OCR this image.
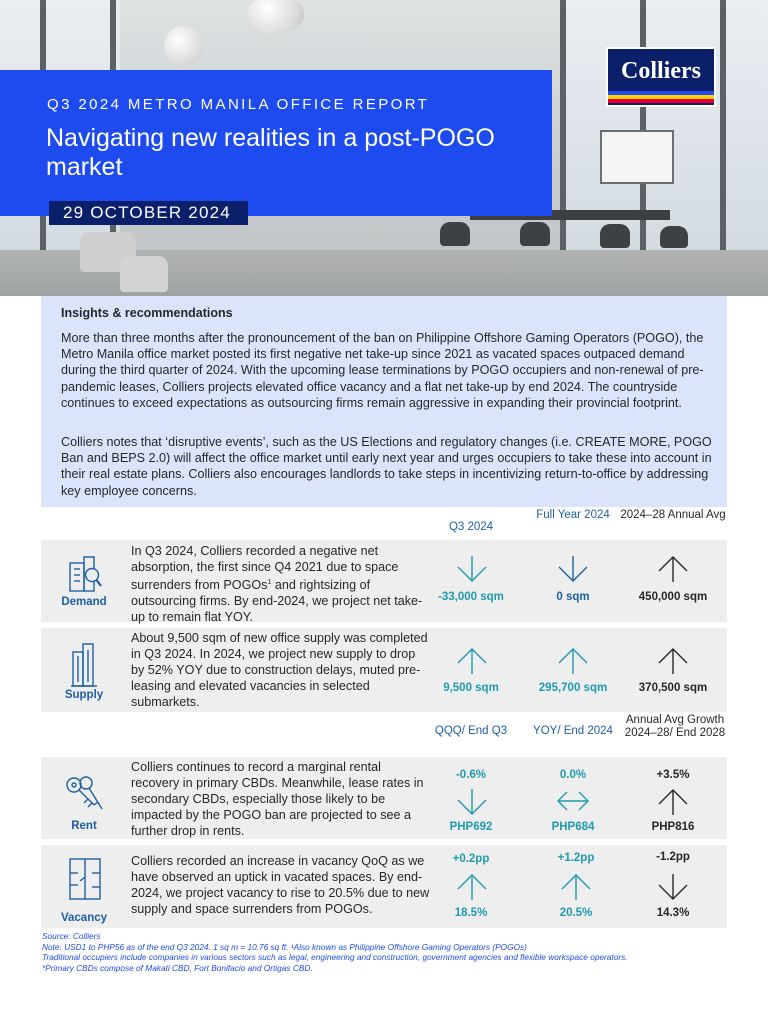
Q3 2024 METRO MANILA OFFICE REPORT
Navigating new realities in a post-POGO market
29 OCTOBER 2024
Colliers
Insights & recommendations

More than three months after the pronouncement of the ban on Philippine Offshore Gaming Operators (POGO), the Metro Manila office market posted its first negative net take-up since 2021 as vacated spaces outpaced demand during the third quarter of 2024. With the upcoming lease terminations by POGO occupiers and non-renewal of pre-pandemic leases, Colliers projects elevated office vacancy and a flat net take-up by end 2024. The countryside continues to exceed expectations as outsourcing firms remain aggressive in expanding their provincial footprint.

Colliers notes that ‘disruptive events’, such as the US Elections and regulatory changes (i.e. CREATE MORE, POGO Ban and BEPS 2.0) will affect the office market until early next year and urges occupiers to take these into account in their real estate plans. Colliers also encourages landlords to take steps in incentivizing return-to-office by addressing key employee concerns.

Q3 2024
Full Year 2024 2024–28 Annual Avg
Demand
In Q3 2024, Colliers recorded a negative net absorption, the first since Q4 2021 due to space surrenders from POGOs$^1$ and rightsizing of outsourcing firms. By end-2024, we project net take-up to remain flat YOY.
-33,000 sqm	0 sqm	450,000 sqm
Supply
About 9,500 sqm of new office supply was completed in Q3 2024. In 2024, we project new supply to drop by 52% YOY due to construction delays, muted pre-leasing and elevated vacancies in selected submarkets.
9,500 sqm	295,700 sqm	370,500 sqm
QQQ/ End Q3	YOY/ End 2024
Annual Avg Growth 2024–28/ End 2028
Rent
Colliers continues to record a marginal rental recovery in primary CBDs. Meanwhile, lease rates in secondary CBDs, especially those likely to be impacted by the POGO ban are projected to see a further drop in rents.
-0.6%	0.0%	+3.5%
PHP692	PHP684	PHP816
Vacancy
Colliers recorded an increase in vacancy QoQ as we have observed an uptick in vacated spaces. By end-2024, we project vacancy to rise to 20.5% due to new supply and space surrenders from POGOs.
+0.2pp	+1.2pp	-1.2pp
18.5%	20.5%	14.3%
Source: Colliers
Note: USD1 to PHP56 as of the end Q3 2024. 1 sq m = 10.76 sq ft. ¹Also known as Philippine Offshore Gaming Operators (POGOs)
Traditional occupiers include companies in various sectors such as legal, engineering and construction, government agencies and flexible workspace operators.
*Primary CBDs compose of Makati CBD, Fort Bonifacio and Ortigas CBD.
